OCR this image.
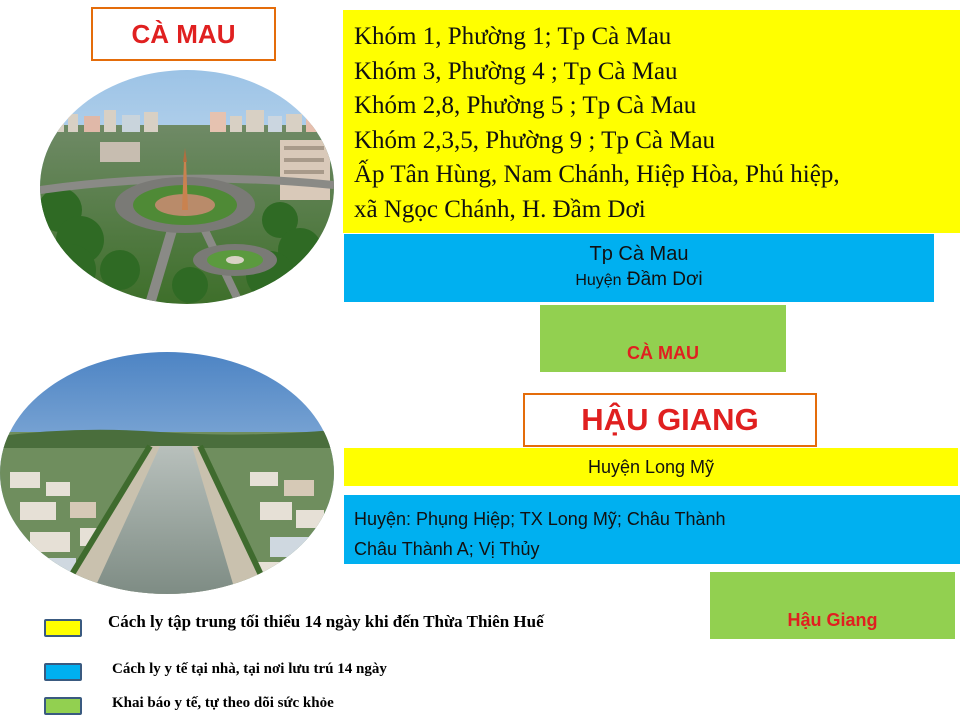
CÀ MAU	Khóm 1, Phường 1; Tp Cà Mau
Khóm 3, Phường 4 ; Tp Cà Mau
Khóm 2,8, Phường 5 ; Tp Cà Mau
Khóm 2,3,5, Phường 9 ; Tp Cà Mau
Ấp Tân Hùng, Nam Chánh, Hiệp Hòa, Phú hiệp,
xã Ngọc Chánh, H. Đầm Dơi
Tp Cà Mau
Huyện Đầm Dơi
CÀ MAU
HẬU GIANG
Huyện Long Mỹ
Huyện: Phụng Hiệp; TX Long Mỹ; Châu Thành
Châu Thành A; Vị Thủy
Hậu Giang
Cách ly tập trung tối thiểu 14 ngày khi đến Thừa Thiên Huế
Cách ly y tế tại nhà, tại nơi lưu trú 14 ngày
Khai báo y tế, tự theo dõi sức khỏe
